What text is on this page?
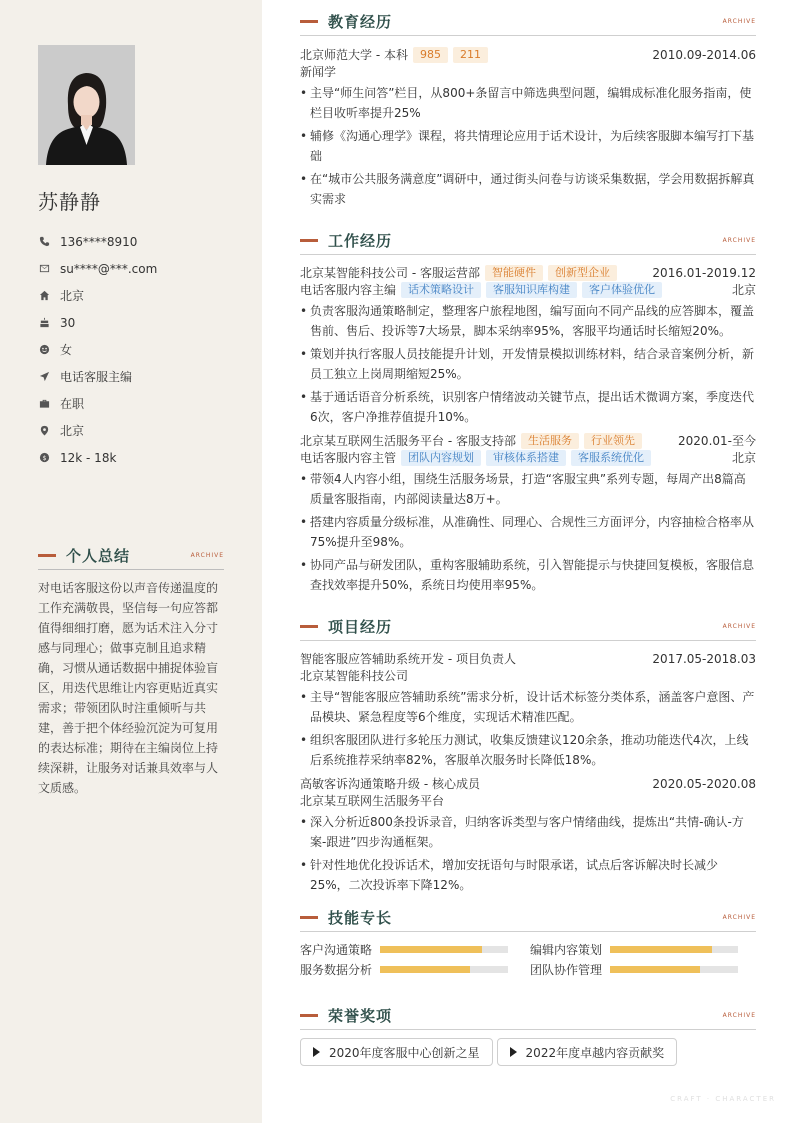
苏静静
136****8910
su****@***.com
北京
30
女
电话客服主编
在职
北京
$ 12k - 18k
个人总结	ARCHIVE

对电话客服这份以声音传递温度的工作充满敬畏，坚信每一句应答都值得细细打磨，愿为话术注入分寸感与同理心；做事克制且追求精确，习惯从通话数据中捕捉体验盲区，用迭代思维让内容更贴近真实需求；带领团队时注重倾听与共建，善于把个体经验沉淀为可复用的表达标准；期待在主编岗位上持续深耕，让服务对话兼具效率与人文质感。

教育经历	ARCHIVE
北京师范大学 - 本科	985	211	2010.09-2014.06
新闻学
• 主导“师生问答”栏目，从800+条留言中筛选典型问题，编辑成标准化服务指南，使栏目收听率提升25%
• 辅修《沟通心理学》课程，将共情理论应用于话术设计，为后续客服脚本编写打下基础
• 在“城市公共服务满意度”调研中，通过街头问卷与访谈采集数据，学会用数据拆解真实需求
工作经历	ARCHIVE
北京某智能科技公司 - 客服运营部	智能硬件	创新型企业	2016.01-2019.12
电话客服内容主编	话术策略设计	客服知识库构建	客户体验优化	北京
• 负责客服沟通策略制定，整理客户旅程地图，编写面向不同产品线的应答脚本，覆盖售前、售后、投诉等7大场景，脚本采纳率95%，客服平均通话时长缩短20%。
• 策划并执行客服人员技能提升计划，开发情景模拟训练材料，结合录音案例分析，新员工独立上岗周期缩短25%。
• 基于通话语音分析系统，识别客户情绪波动关键节点，提出话术微调方案，季度迭代6次，客户净推荐值提升10%。
北京某互联网生活服务平台 - 客服支持部	生活服务	行业领先	2020.01-至今
电话客服内容主管	团队内容规划	审核体系搭建	客服系统优化	北京
• 带领4人内容小组，围绕生活服务场景，打造“客服宝典”系列专题，每周产出8篇高质量客服指南，内部阅读量达8万+。
• 搭建内容质量分级标准，从准确性、同理心、合规性三方面评分，内容抽检合格率从75%提升至98%。
• 协同产品与研发团队，重构客服辅助系统，引入智能提示与快捷回复模板，客服信息查找效率提升50%，系统日均使用率95%。
项目经历	ARCHIVE
智能客服应答辅助系统开发 - 项目负责人	2017.05-2018.03
北京某智能科技公司
• 主导“智能客服应答辅助系统”需求分析，设计话术标签分类体系，涵盖客户意图、产品模块、紧急程度等6个维度，实现话术精准匹配。
• 组织客服团队进行多轮压力测试，收集反馈建议120余条，推动功能迭代4次，上线后系统推荐采纳率82%，客服单次服务时长降低18%。
高敏客诉沟通策略升级 - 核心成员	2020.05-2020.08
北京某互联网生活服务平台
• 深入分析近800条投诉录音，归纳客诉类型与客户情绪曲线，提炼出“共情-确认-方案-跟进”四步沟通框架。
• 针对性地优化投诉话术，增加安抚语句与时限承诺，试点后客诉解决时长减少25%，二次投诉率下降12%。
技能专长	ARCHIVE
客户沟通策略	编辑内容策划
服务数据分析	团队协作管理
荣誉奖项	ARCHIVE
2020年度客服中心创新之星	2022年度卓越内容贡献奖
CRAFT · CHARACTER
